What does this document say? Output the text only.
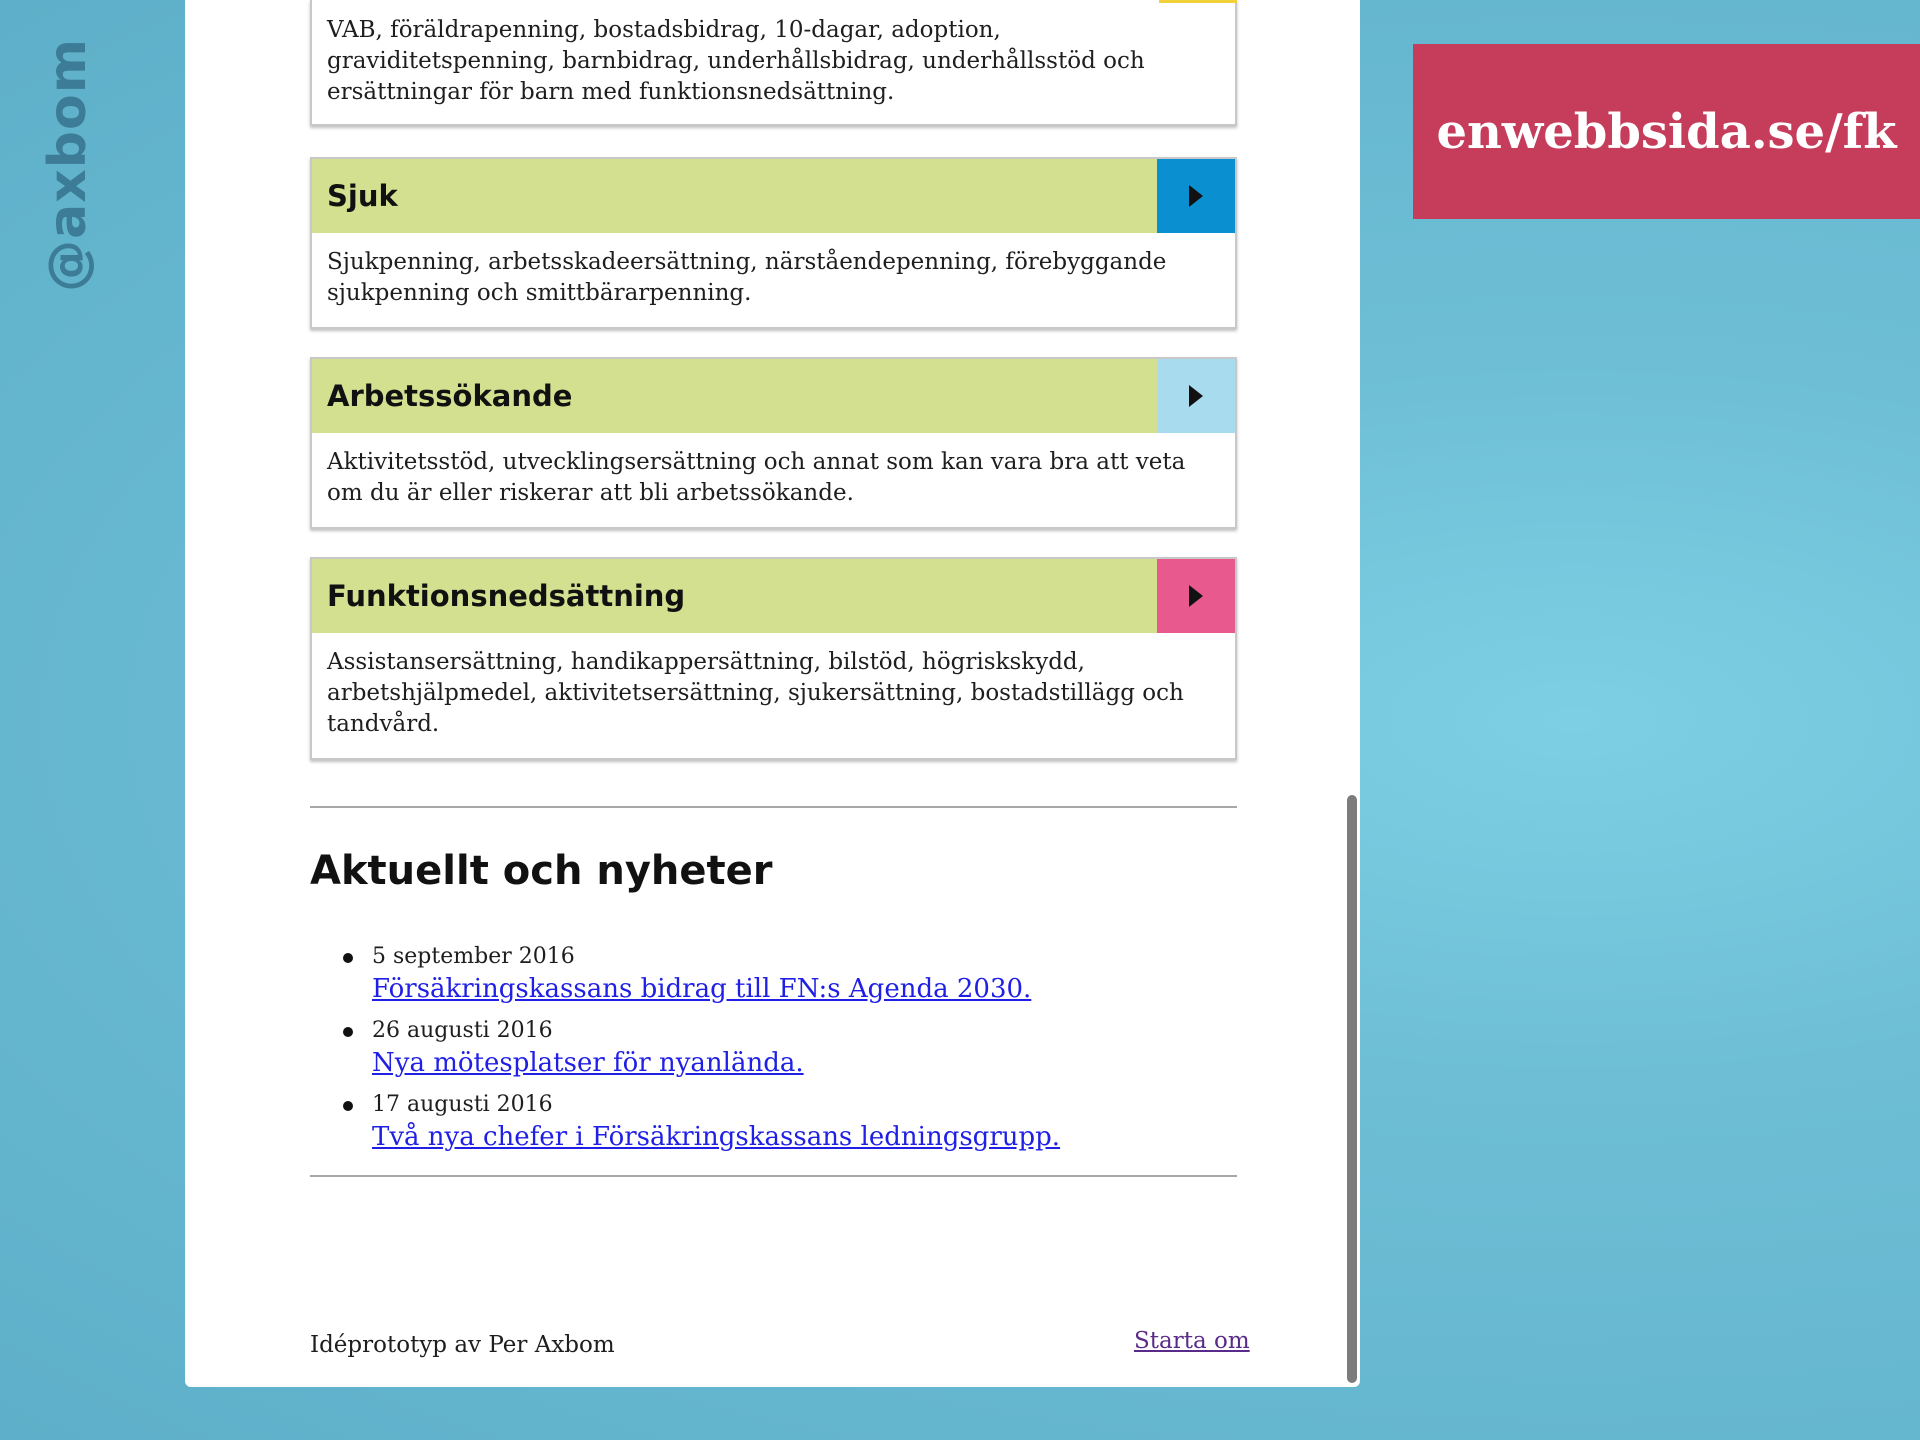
@axbom	enwebbsida.se/fk

VAB, föräldrapenning, bostadsbidrag, 10-dagar, adoption, graviditetspenning, barnbidrag, underhållsbidrag, underhållsstöd och ersättningar för barn med funktionsnedsättning.

Sjuk

Sjukpenning, arbetsskadeersättning, närståendepenning, förebyggande sjukpenning och smittbärarpenning.

Arbetssökande

Aktivitetsstöd, utvecklingsersättning och annat som kan vara bra att veta om du är eller riskerar att bli arbetssökande.

Funktionsnedsättning

Assistansersättning, handikappersättning, bilstöd, högriskskydd, arbetshjälpmedel, aktivitetsersättning, sjukersättning, bostadstillägg och tandvård.

Aktuellt och nyheter
5 september 2016
Försäkringskassans bidrag till FN:s Agenda 2030.
26 augusti 2016
Nya mötesplatser för nyanlända.
17 augusti 2016
Två nya chefer i Försäkringskassans ledningsgrupp.
Idéprototyp av Per Axbom	Starta om
